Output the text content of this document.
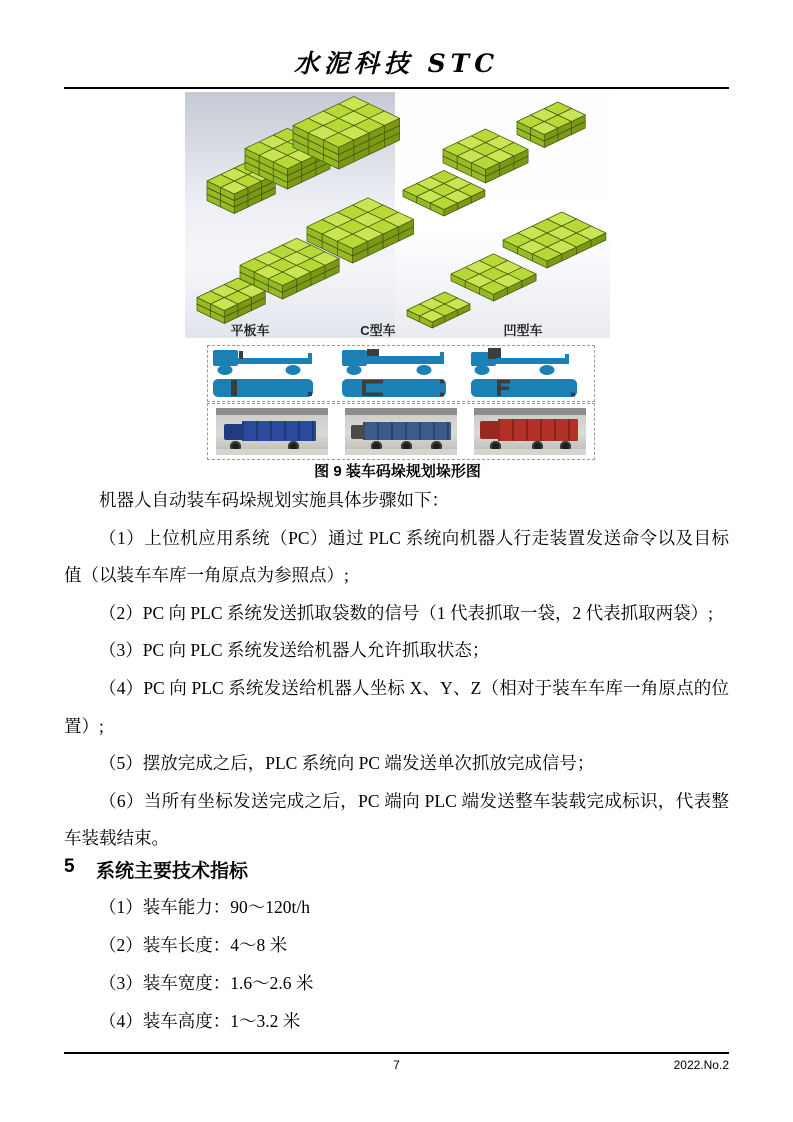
水泥科技 STC
平板车	C型车	凹型车
图 9 装车码垛规划垛形图

机器人自动装车码垛规划实施具体步骤如下：

（1）上位机应用系统（PC）通过 PLC 系统向机器人行走装置发送命令以及目标值（以装车车库一角原点为参照点）;

（2）PC 向 PLC 系统发送抓取袋数的信号（1 代表抓取一袋，2 代表抓取两袋）;

（3）PC 向 PLC 系统发送给机器人允许抓取状态；

（4）PC 向 PLC 系统发送给机器人坐标 X、Y、Z（相对于装车车库一角原点的位置）;

（5）摆放完成之后，PLC 系统向 PC 端发送单次抓放完成信号；

（6）当所有坐标发送完成之后，PC 端向 PLC 端发送整车装载完成标识，代表整车装载结束。

5	系统主要技术指标
（1）装车能力：90～120t/h
（2）装车长度：4～8 米
（3）装车宽度：1.6～2.6 米
（4）装车高度：1～3.2 米
7	2022.No.2
